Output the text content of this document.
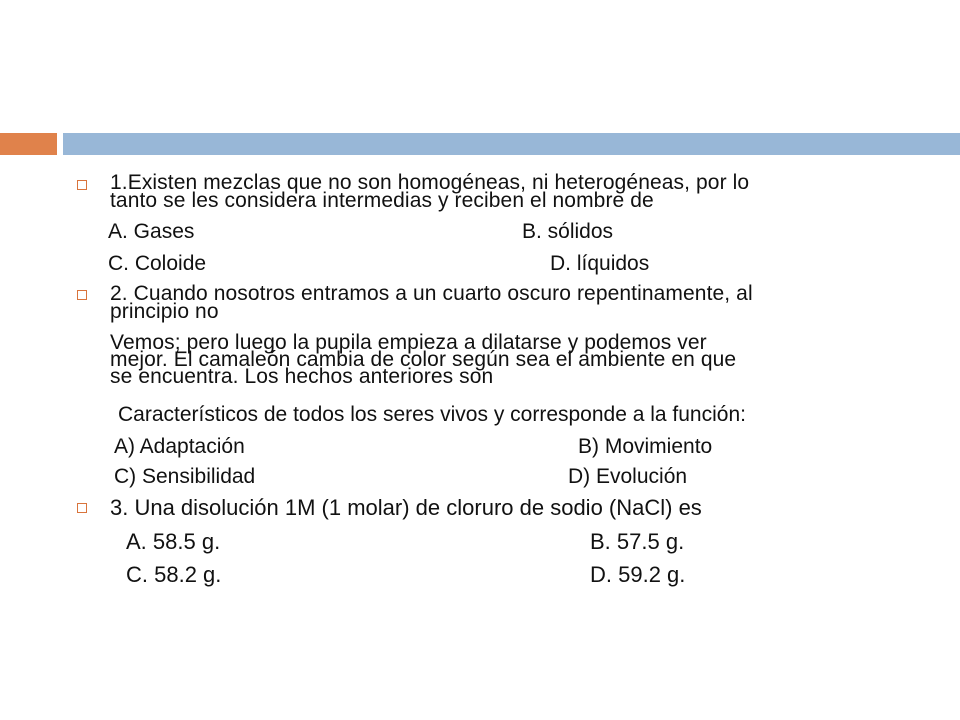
1.Existen mezclas que no son homogéneas, ni heterogéneas, por lo
tanto se les considera intermedias y reciben el nombre de
A. Gases	B. sólidos
C. Coloide	D. líquidos
2. Cuando nosotros entramos a un cuarto oscuro repentinamente, al
principio no
Vemos; pero luego la pupila empieza a dilatarse y podemos ver
mejor. El camaleón cambia de color según sea el ambiente en que
se encuentra. Los hechos anteriores son
Característicos de todos los seres vivos y corresponde a la función:
A) Adaptación	B) Movimiento
C) Sensibilidad	D) Evolución
3. Una disolución 1M (1 molar) de cloruro de sodio (NaCl) es
A. 58.5 g.	B. 57.5 g.
C. 58.2 g.	D. 59.2 g.
